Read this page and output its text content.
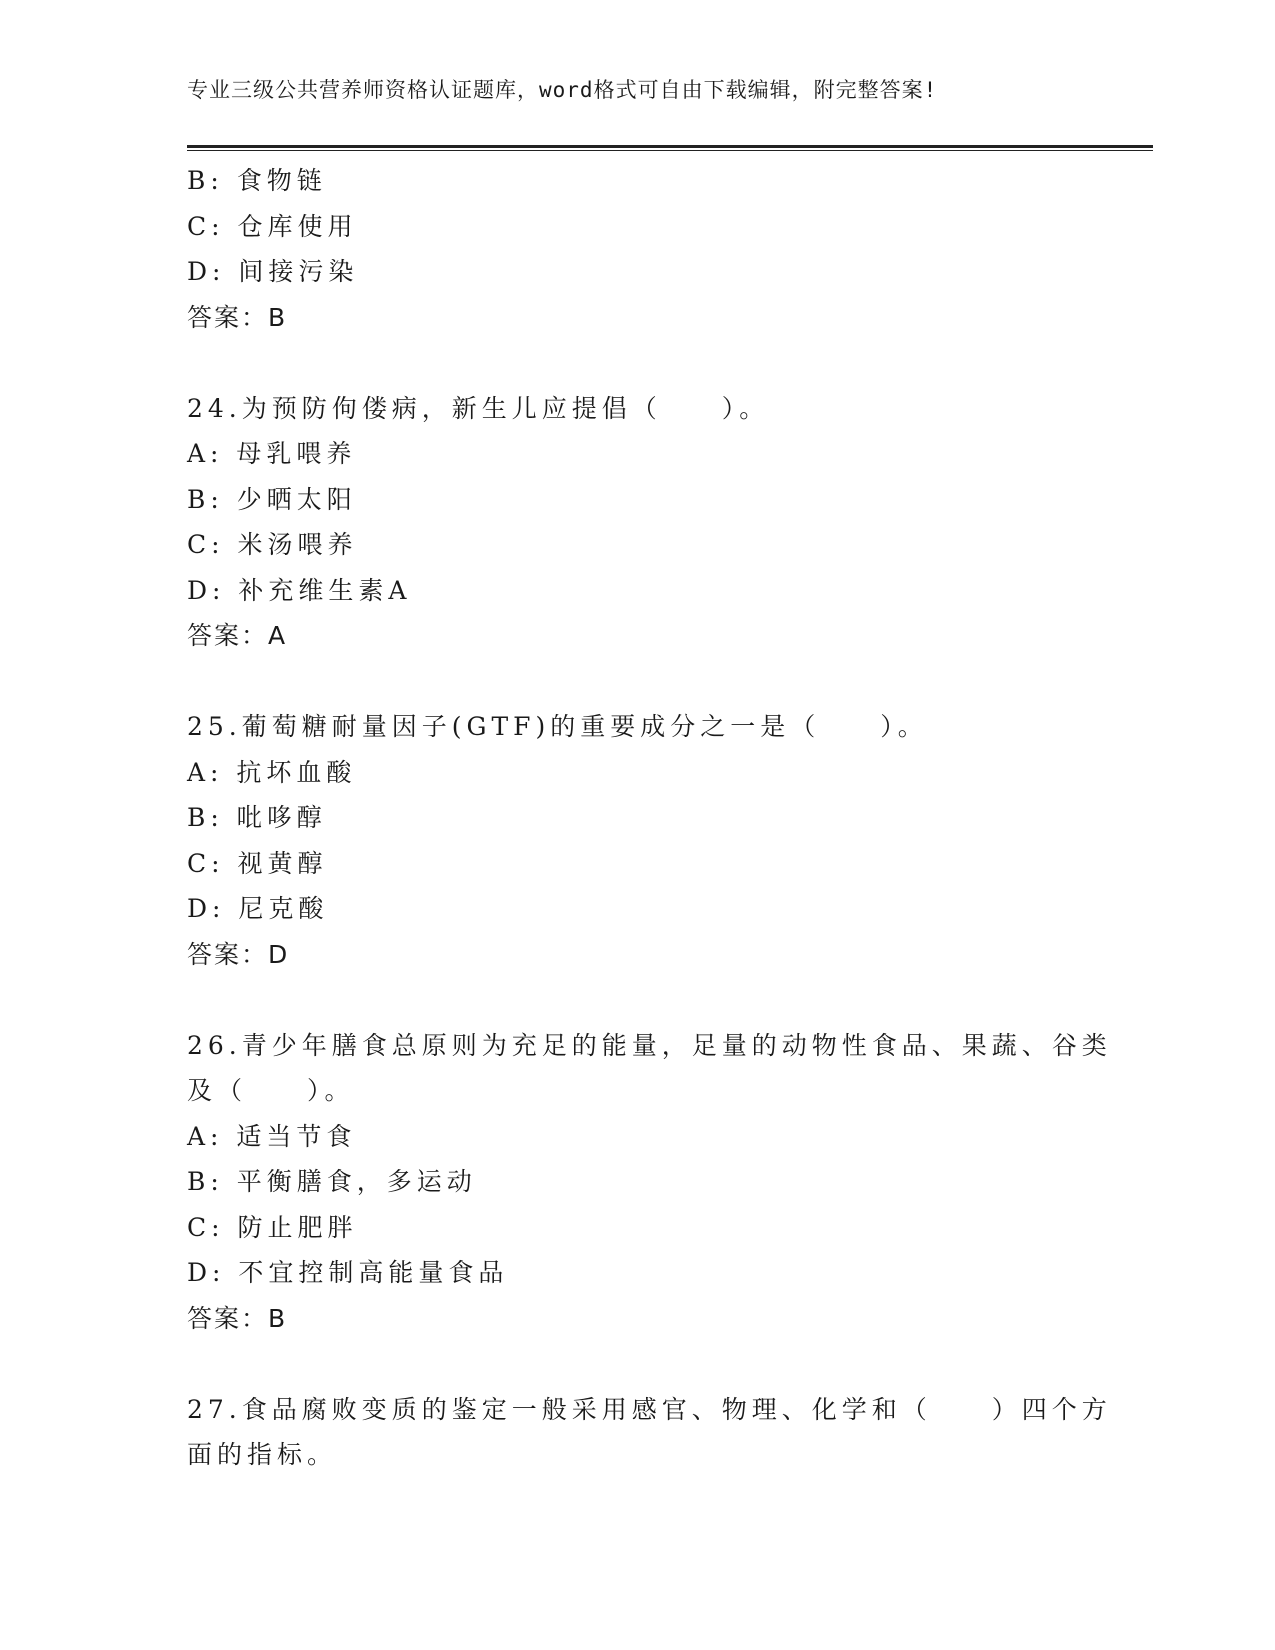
专业三级公共营养师资格认证题库，word格式可自由下载编辑，附完整答案!
B: 食物链
C: 仓库使用
D: 间接污染
答案：B
24.为预防佝偻病，新生儿应提倡（　　）。
A: 母乳喂养
B: 少晒太阳
C: 米汤喂养
D: 补充维生素A
答案：A
25.葡萄糖耐量因子(GTF)的重要成分之一是（　　）。
A: 抗坏血酸
B: 吡哆醇
C: 视黄醇
D: 尼克酸
答案：D
26.青少年膳食总原则为充足的能量，足量的动物性食品、果蔬、谷类
及（　　）。
A: 适当节食
B: 平衡膳食，多运动
C: 防止肥胖
D: 不宜控制高能量食品
答案：B
27.食品腐败变质的鉴定一般采用感官、物理、化学和（　　）四个方
面的指标。
